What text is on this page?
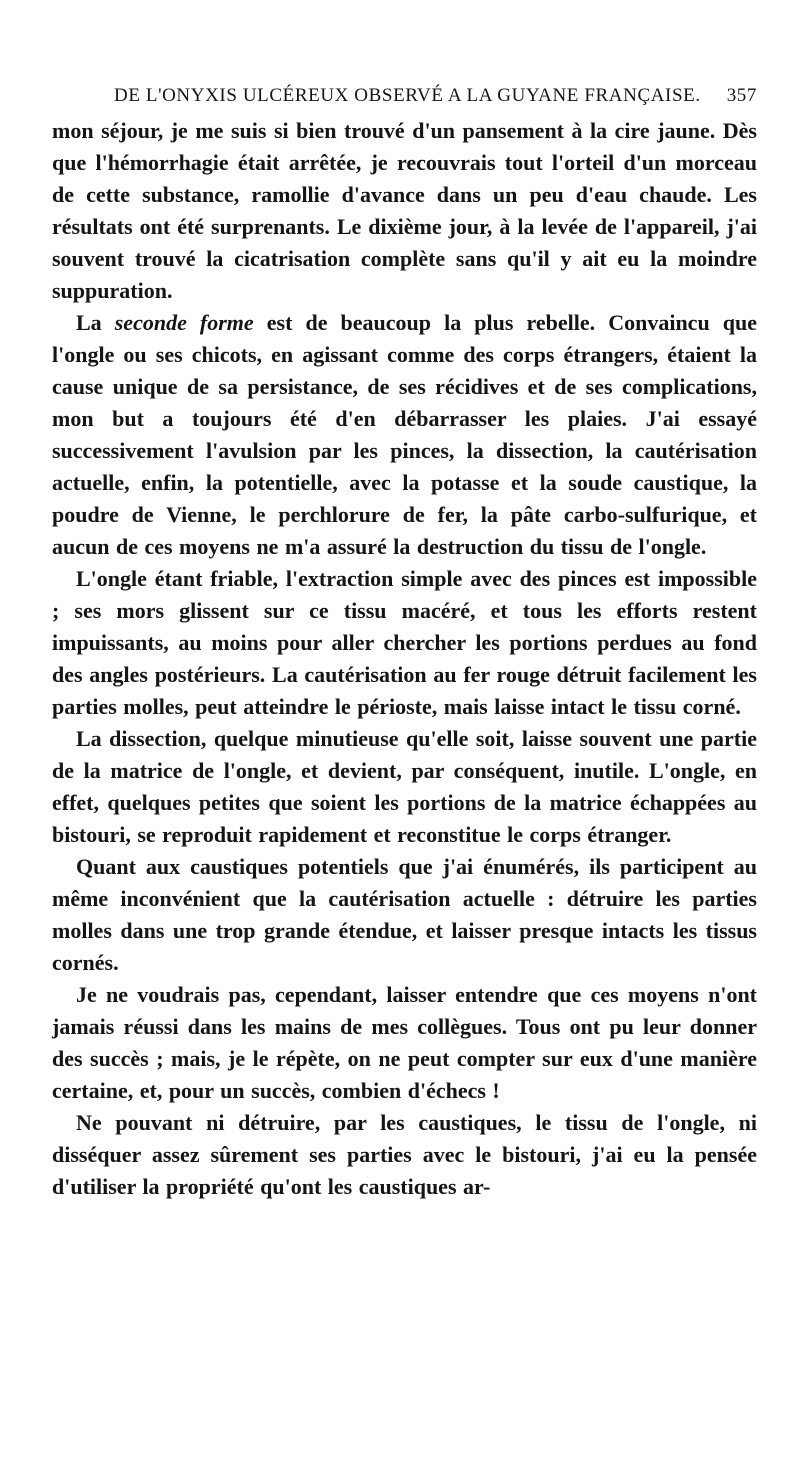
DE L'ONYXIS ULCÉREUX OBSERVÉ A LA GUYANE FRANÇAISE. 357

mon séjour, je me suis si bien trouvé d'un pansement à la cire jaune. Dès que l'hémorrhagie était arrêtée, je recouvrais tout l'orteil d'un morceau de cette substance, ramollie d'avance dans un peu d'eau chaude. Les résultats ont été surprenants. Le dixième jour, à la levée de l'appareil, j'ai souvent trouvé la cicatrisation complète sans qu'il y ait eu la moindre suppuration.

La seconde forme est de beaucoup la plus rebelle. Convaincu que l'ongle ou ses chicots, en agissant comme des corps étrangers, étaient la cause unique de sa persistance, de ses récidives et de ses complications, mon but a toujours été d'en débarrasser les plaies. J'ai essayé successivement l'avulsion par les pinces, la dissection, la cautérisation actuelle, enfin, la potentielle, avec la potasse et la soude caustique, la poudre de Vienne, le perchlorure de fer, la pâte carbo-sulfurique, et aucun de ces moyens ne m'a assuré la destruction du tissu de l'ongle.

L'ongle étant friable, l'extraction simple avec des pinces est impossible ; ses mors glissent sur ce tissu macéré, et tous les efforts restent impuissants, au moins pour aller chercher les portions perdues au fond des angles postérieurs. La cautérisation au fer rouge détruit facilement les parties molles, peut atteindre le périoste, mais laisse intact le tissu corné.

La dissection, quelque minutieuse qu'elle soit, laisse souvent une partie de la matrice de l'ongle, et devient, par conséquent, inutile. L'ongle, en effet, quelques petites que soient les portions de la matrice échappées au bistouri, se reproduit rapidement et reconstitue le corps étranger.

Quant aux caustiques potentiels que j'ai énumérés, ils participent au même inconvénient que la cautérisation actuelle : détruire les parties molles dans une trop grande étendue, et laisser presque intacts les tissus cornés.

Je ne voudrais pas, cependant, laisser entendre que ces moyens n'ont jamais réussi dans les mains de mes collègues. Tous ont pu leur donner des succès ; mais, je le répète, on ne peut compter sur eux d'une manière certaine, et, pour un succès, combien d'échecs !

Ne pouvant ni détruire, par les caustiques, le tissu de l'ongle, ni disséquer assez sûrement ses parties avec le bistouri, j'ai eu la pensée d'utiliser la propriété qu'ont les caustiques ar-
